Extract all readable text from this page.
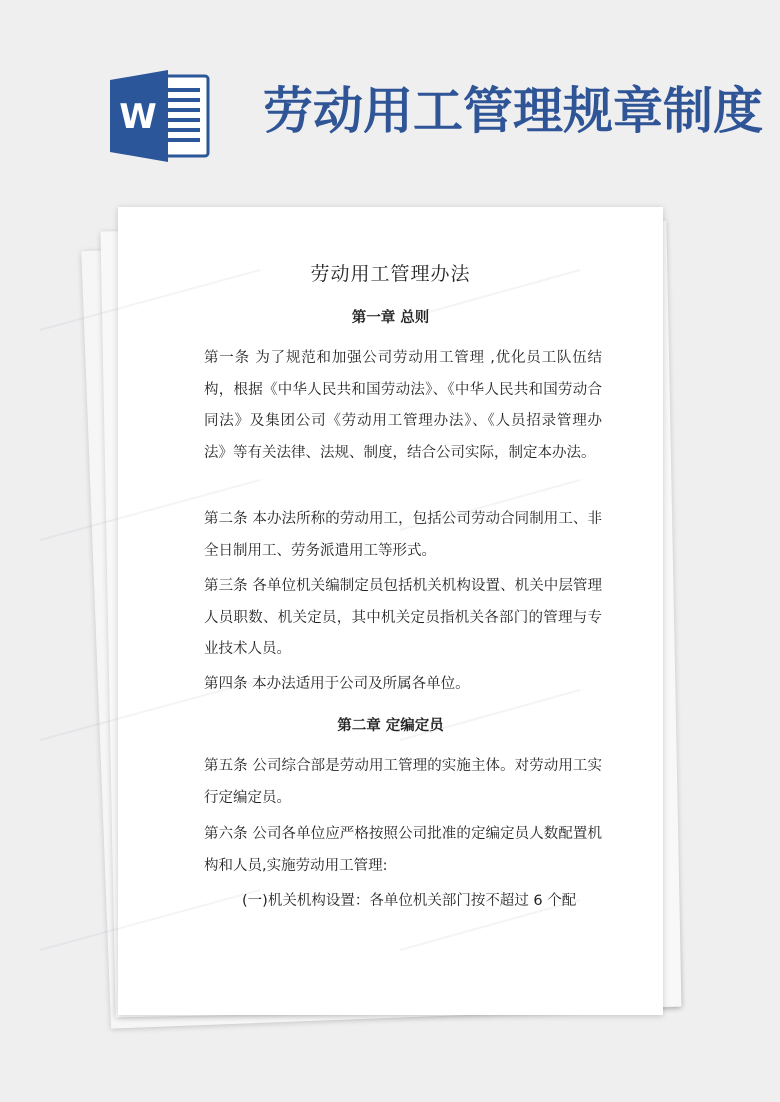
W 劳动用工管理规章制度
劳动用工管理办法
第一章 总则
第一条 为了规范和加强公司劳动用工管理 ,优化员工队伍结构，根据《中华人民共和国劳动法》、《中华人民共和国劳动合同法》及集团公司《劳动用工管理办法》、《人员招录管理办法》等有关法律、法规、制度，结合公司实际，制定本办法。
第二条 本办法所称的劳动用工，包括公司劳动合同制用工、非全日制用工、劳务派遣用工等形式。
第三条 各单位机关编制定员包括机关机构设置、机关中层管理人员职数、机关定员，其中机关定员指机关各部门的管理与专业技术人员。
第四条 本办法适用于公司及所属各单位。
第二章 定编定员
第五条 公司综合部是劳动用工管理的实施主体。对劳动用工实行定编定员。
第六条 公司各单位应严格按照公司批准的定编定员人数配置机构和人员,实施劳动用工管理:
(一)机关机构设置：各单位机关部门按不超过 6 个配
